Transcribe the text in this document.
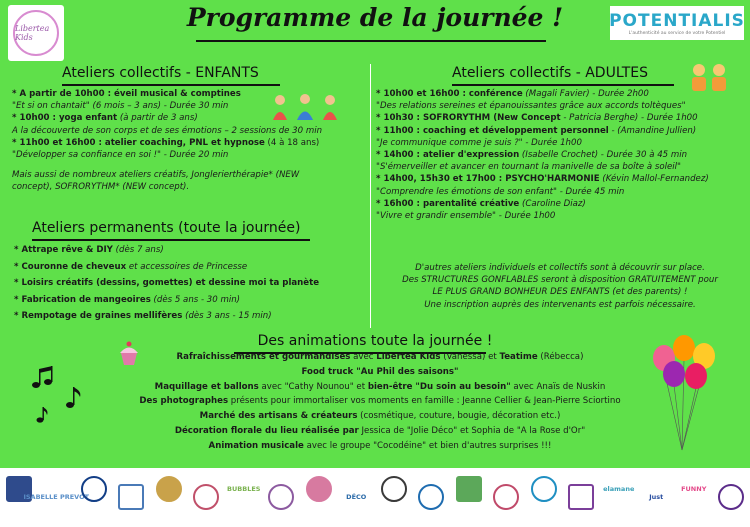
Libertea Kids
Programme de la journée !	POTENTIALIS
L'authenticité au service de votre Potentiel
Ateliers collectifs - ENFANTS

* A partir de 10h00 : éveil musical & comptines

"Et si on chantait" (6 mois – 3 ans) - Durée 30 min

* 10h00 : yoga enfant (à partir de 3 ans)

A la découverte de son corps et de ses émotions – 2 sessions de 30 min

* 11h00 et 16h00 : atelier coaching, PNL et hypnose (4 à 18 ans)

"Développer sa confiance en soi !" - Durée 20 min

Mais aussi de nombreux ateliers créatifs, Jonglerierthérapie* (NEW

concept), SOFRORYTHM* (NEW concept).

Ateliers permanents (toute la journée)

* Attrape rêve & DIY (dès 7 ans)

* Couronne de cheveux et accessoires de Princesse

* Loisirs créatifs (dessins, gomettes) et dessine moi ta planète

* Fabrication de mangeoires (dès 5 ans - 30 min)

* Rempotage de graines mellifères (dès 3 ans - 15 min)

Ateliers collectifs - ADULTES

* 10h00 et 16h00 : conférence (Magali Favier) - Durée 2h00

"Des relations sereines et épanouissantes grâce aux accords toltèques"

* 10h30 : SOFRORYTHM (New Concept - Patricia Berghe) - Durée 1h00

* 11h00 : coaching et développement personnel - (Amandine Jullien)

"Je communique comme je suis ?" - Durée 1h00

* 14h00 : atelier d'expression (Isabelle Crochet) - Durée 30 à 45 min

"S'émerveiller et avancer en tournant la manivelle de sa boîte à soleil"

* 14h00, 15h30 et 17h00 : PSYCHO'HARMONIE (Kévin Mallol-Fernandez)

"Comprendre les émotions de son enfant" - Durée 45 min

* 16h00 : parentalité créative (Caroline Diaz)

"Vivre et grandir ensemble" - Durée 1h00

D'autres ateliers individuels et collectifs sont à découvrir sur place.

Des STRUCTURES GONFLABLES seront à disposition GRATUITEMENT pour

LE PLUS GRAND BONHEUR DES ENFANTS (et des parents) !

Une inscription auprès des intervenants est parfois nécessaire.

Des animations toute la journée !

Rafraîchissements et gourmandises avec Libertea Kids (Vanessa) et Teatime (Rébecca)

Food truck "Au Phil des saisons"

Maquillage et ballons avec "Cathy Nounou" et bien-être "Du soin au besoin" avec Anaïs de Nuskin

Des photographes présents pour immortaliser vos moments en famille : Jeanne Cellier & Jean-Pierre Sciortino

Marché des artisans & créateurs (cosmétique, couture, bougie, décoration etc.)

Décoration florale du lieu réalisée par Jessica de "Jolie Déco" et Sophia de "A la Rose d'Or"

Animation musicale avec le groupe "Cocodéine" et bien d'autres surprises !!!

ISABELLE PREVOT
BUBBLES
DÉCO
elamane
Just
FUNNY
